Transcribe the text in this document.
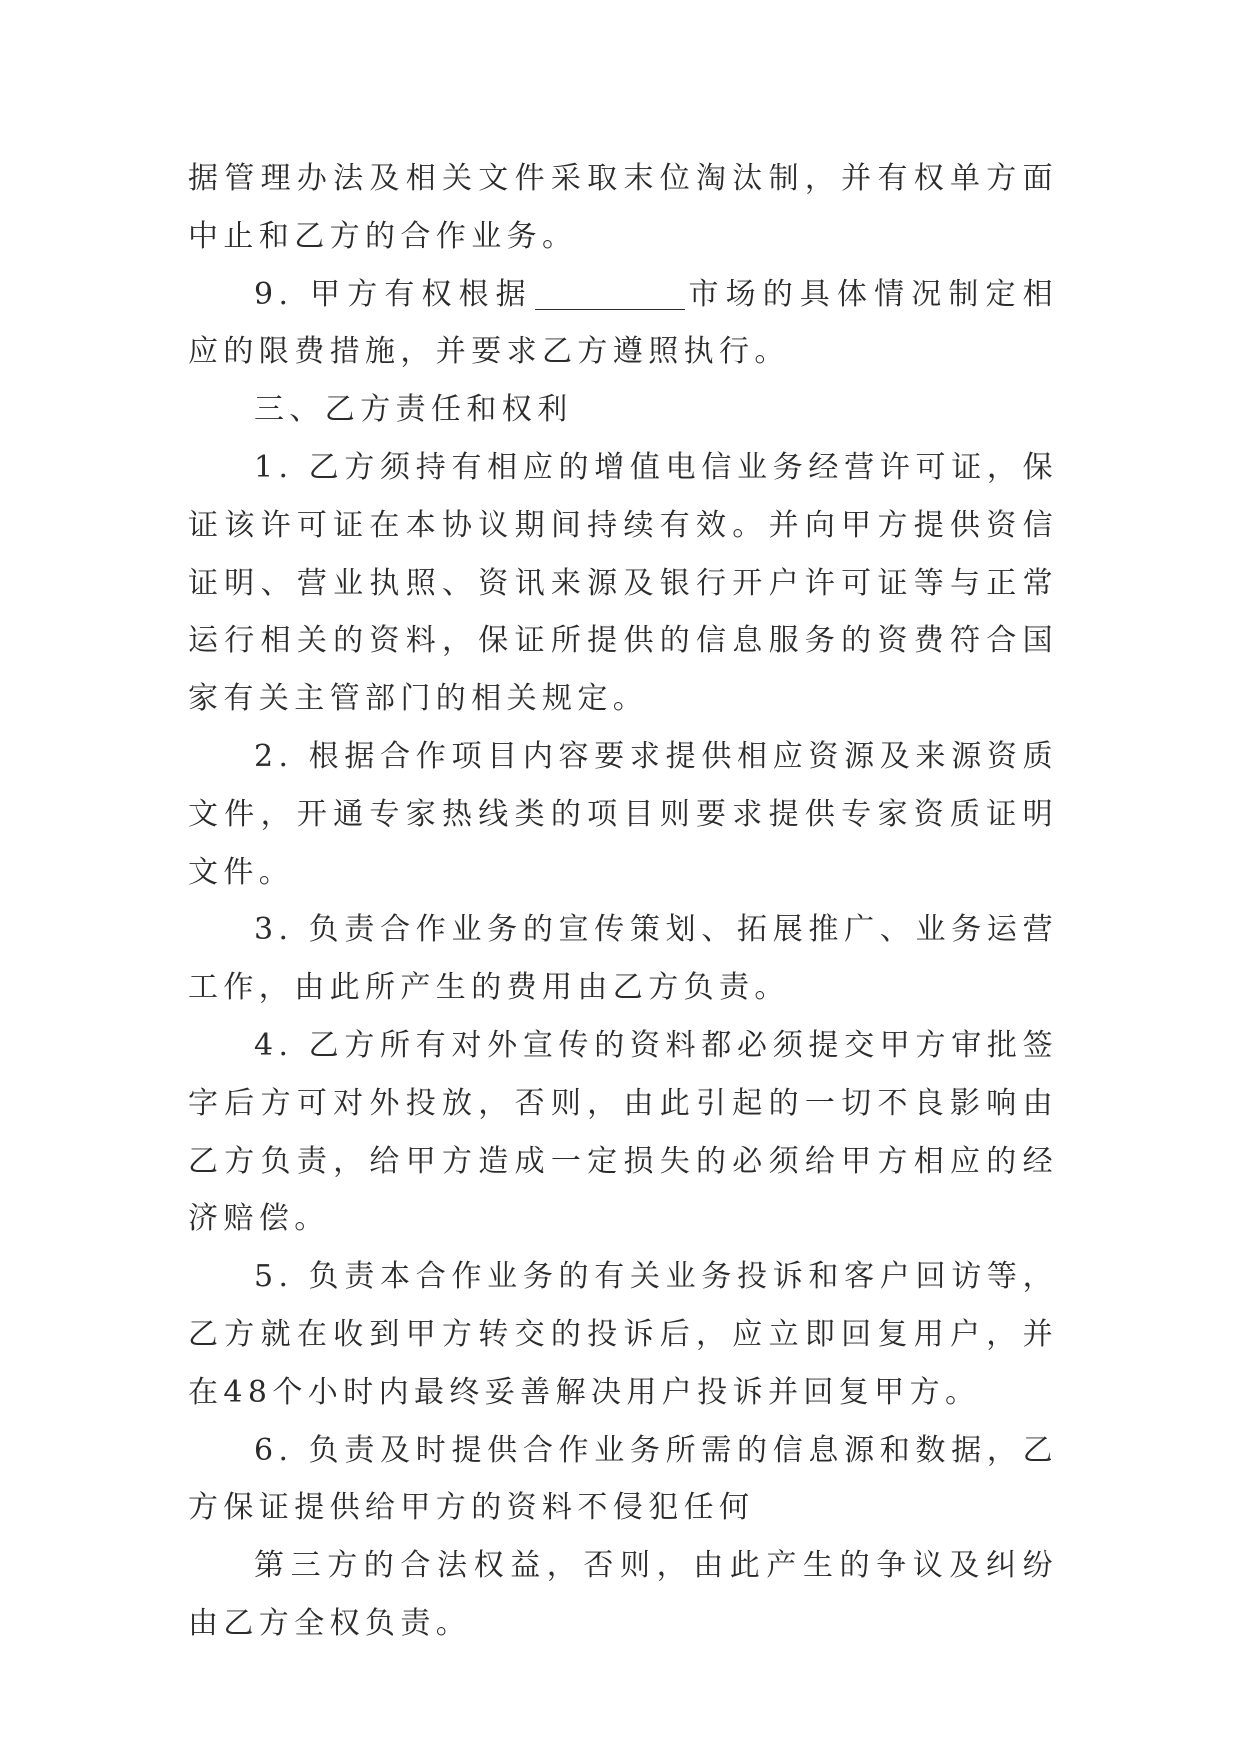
据管理办法及相关文件采取末位淘汰制，并有权单方面中止和乙方的合作业务。

9. 甲方有权根据	市场的具体情况制定相应的限费措施，并要求乙方遵照执行。

三、乙方责任和权利

1. 乙方须持有相应的增值电信业务经营许可证，保证该许可证在本协议期间持续有效。并向甲方提供资信证明、营业执照、资讯来源及银行开户许可证等与正常运行相关的资料，保证所提供的信息服务的资费符合国家有关主管部门的相关规定。

2. 根据合作项目内容要求提供相应资源及来源资质文件，开通专家热线类的项目则要求提供专家资质证明文件。

3. 负责合作业务的宣传策划、拓展推广、业务运营工作，由此所产生的费用由乙方负责。

4. 乙方所有对外宣传的资料都必须提交甲方审批签字后方可对外投放，否则，由此引起的一切不良影响由乙方负责，给甲方造成一定损失的必须给甲方相应的经济赔偿。

5. 负责本合作业务的有关业务投诉和客户回访等，乙方就在收到甲方转交的投诉后，应立即回复用户，并在48个小时内最终妥善解决用户投诉并回复甲方。

6. 负责及时提供合作业务所需的信息源和数据，乙方保证提供给甲方的资料不侵犯任何

第三方的合法权益，否则，由此产生的争议及纠纷由乙方全权负责。
